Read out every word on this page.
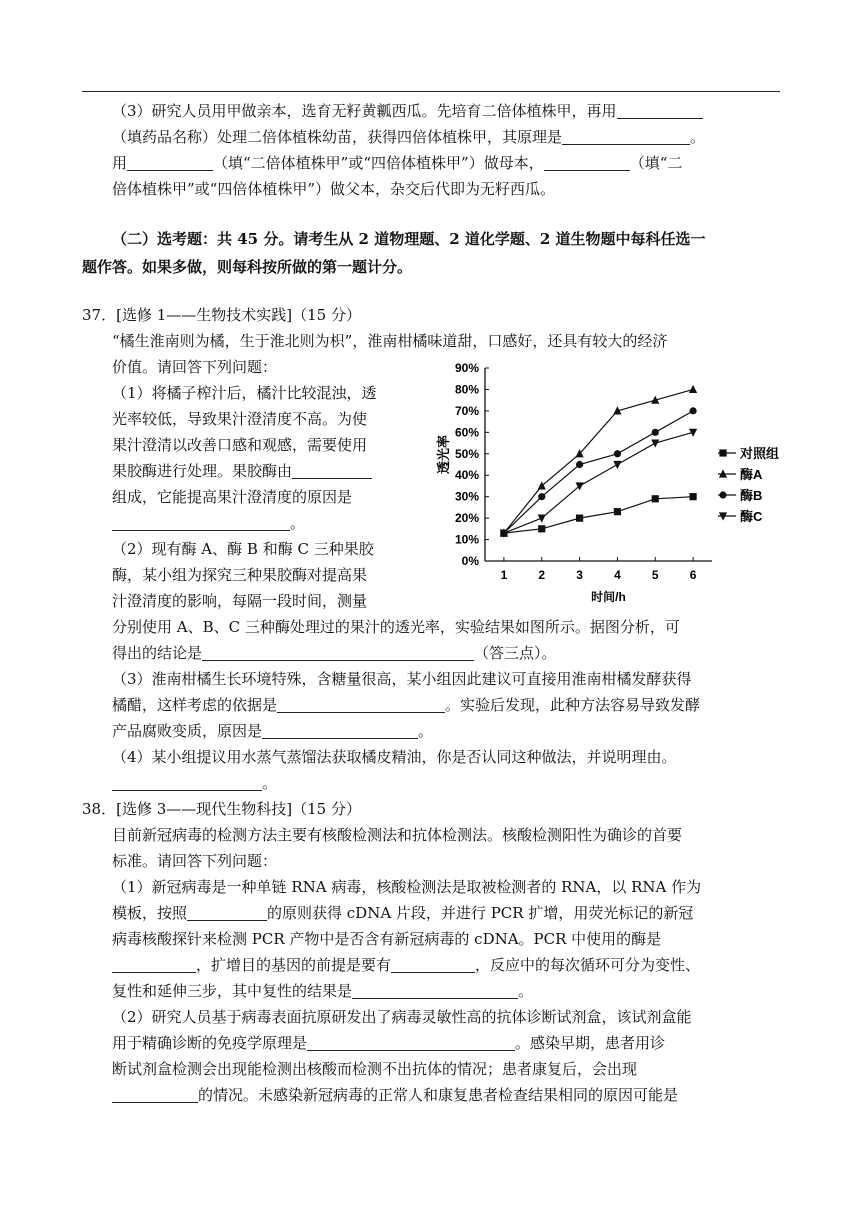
（3）研究人员用甲做亲本，选育无籽黄瓤西瓜。先培育二倍体植株甲，再用
（填药品名称）处理二倍体植株幼苗，获得四倍体植株甲，其原理是	。
用	（填“二倍体植株甲”或“四倍体植株甲”）做母本，	（填“二
倍体植株甲”或“四倍体植株甲”）做父本，杂交后代即为无籽西瓜。
（二）选考题：共 45 分。请考生从 2 道物理题、2 道化学题、2 道生物题中每科任选一
题作答。如果多做，则每科按所做的第一题计分。
37．[选修 1——生物技术实践]（15 分）
“橘生淮南则为橘，生于淮北则为枳”，淮南柑橘味道甜，口感好，还具有较大的经济
价值。请回答下列问题：
（1）将橘子榨汁后，橘汁比较混浊，透
光率较低，导致果汁澄清度不高。为使
果汁澄清以改善口感和观感，需要使用
果胶酶进行处理。果胶酶由
组成，它能提高果汁澄清度的原因是
。
（2）现有酶 A、酶 B 和酶 C 三种果胶
酶，某小组为探究三种果胶酶对提高果
汁澄清度的影响，每隔一段时间，测量
分别使用 A、B、C 三种酶处理过的果汁的透光率，实验结果如图所示。据图分析，可
得出的结论是	（答三点）。
（3）淮南柑橘生长环境特殊，含糖量很高，某小组因此建议可直接用淮南柑橘发酵获得
橘醋，这样考虑的依据是	。实验后发现，此种方法容易导致发酵
产品腐败变质，原因是	。
（4）某小组提议用水蒸气蒸馏法获取橘皮精油，你是否认同这种做法，并说明理由。
。
38．[选修 3——现代生物科技]（15 分）
目前新冠病毒的检测方法主要有核酸检测法和抗体检测法。核酸检测阳性为确诊的首要
标准。请回答下列问题：
（1）新冠病毒是一种单链 RNA 病毒，核酸检测法是取被检测者的 RNA，以 RNA 作为
模板，按照	的原则获得 cDNA 片段，并进行 PCR 扩增，用荧光标记的新冠
病毒核酸探针来检测 PCR 产物中是否含有新冠病毒的 cDNA。PCR 中使用的酶是
，扩增目的基因的前提是要有	，反应中的每次循环可分为变性、
复性和延伸三步，其中复性的结果是	。
（2）研究人员基于病毒表面抗原研发出了病毒灵敏性高的抗体诊断试剂盒，该试剂盒能
用于精确诊断的免疫学原理是	。感染早期，患者用诊
断试剂盒检测会出现能检测出核酸而检测不出抗体的情况；患者康复后，会出现
的情况。未感染新冠病毒的正常人和康复患者检查结果相同的原因可能是
0%
10%
20%
30%
40%
50%
60%
70%
80%
90%
1	2	3	4	5	6
时间/h
透光率	对照组
酶A
酶B
酶C
